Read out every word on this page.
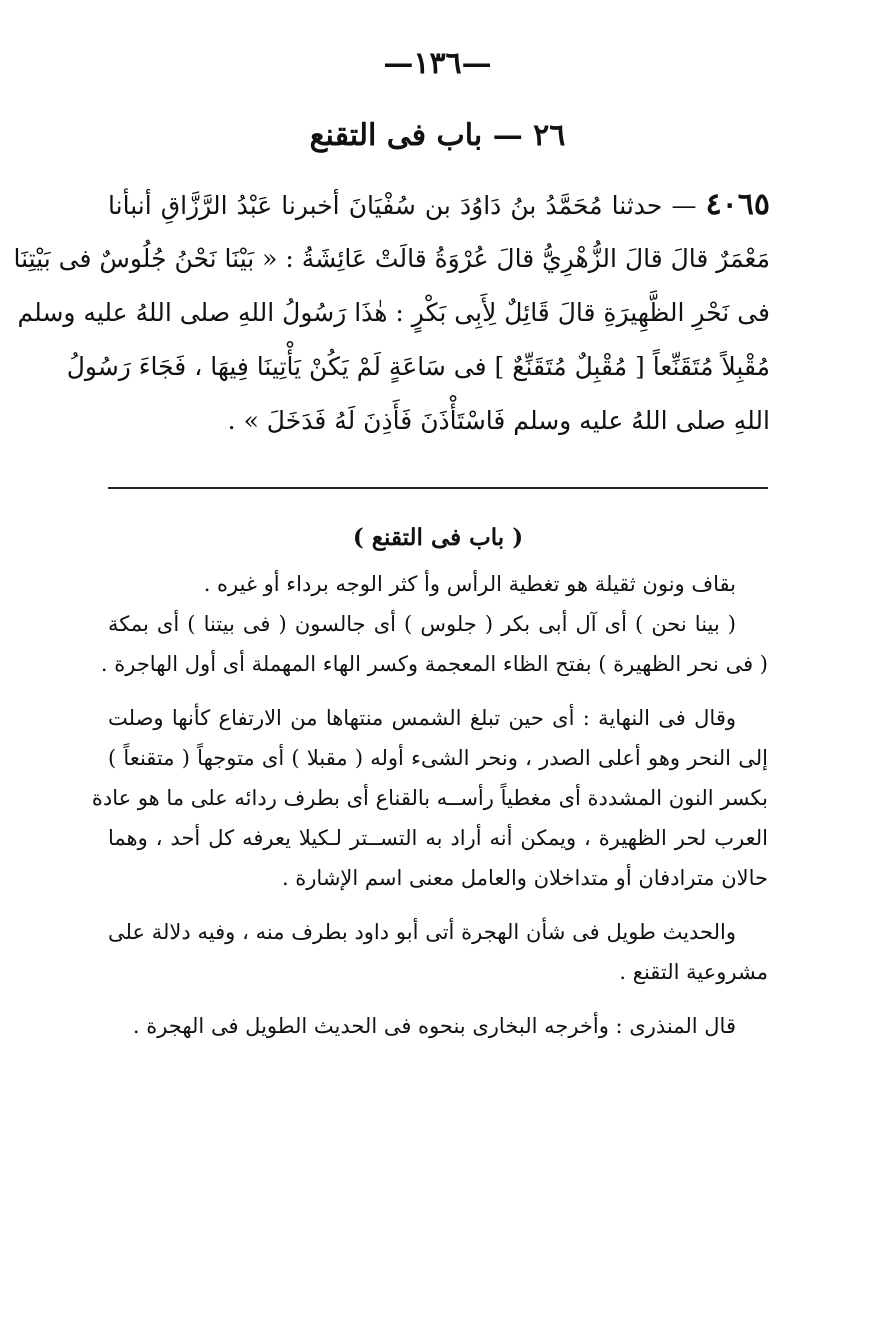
—١٣٦—
٢٦ — باب فى التقنع
٤٠٦٥ — حدثنا مُحَمَّدُ بنُ دَاوُدَ بن سُفْيَانَ أخبرنا عَبْدُ الرَّزَّاقِ أنبأنا
مَعْمَرٌ قالَ قالَ الزُّهْرِيُّ قالَ عُرْوَةُ قالَتْ عَائِشَةُ : « بَيْنَا نَحْنُ جُلُوسٌ فى بَيْتِنَا
فى نَحْرِ الظَّهِيرَةِ قالَ قَائِلٌ لِأَبِى بَكْرٍ : هٰذَا رَسُولُ اللهِ صلى اللهُ عليه وسلم
مُقْبِلاً مُتَقَنِّعاً [ مُقْبِلٌ مُتَقَنِّعٌ ] فى سَاعَةٍ لَمْ يَكُنْ يَأْتِينَا فِيهَا ، فَجَاءَ رَسُولُ
اللهِ صلى اللهُ عليه وسلم فَاسْتَأْذَنَ فَأَذِنَ لَهُ فَدَخَلَ » .
( باب فى التقنع )
بقاف ونون ثقيلة هو تغطية الرأس وأ كثر الوجه برداء أو غيره .
( بينا نحن ) أى آل أبى بكر ( جلوس ) أى جالسون ( فى بيتنا ) أى بمكة
( فى نحر الظهيرة ) بفتح الظاء المعجمة وكسر الهاء المهملة أى أول الهاجرة .
وقال فى النهاية : أى حين تبلغ الشمس منتهاها من الارتفاع كأنها وصلت
إلى النحر وهو أعلى الصدر ، ونحر الشىء أوله ( مقبلا ) أى متوجهاً ( متقنعاً )
بكسر النون المشددة أى مغطياً رأســه بالقناع أى بطرف ردائه على ما هو عادة
العرب لحر الظهيرة ، ويمكن أنه أراد به التســتر لـكيلا يعرفه كل أحد ، وهما
حالان مترادفان أو متداخلان والعامل معنى اسم الإشارة .
والحديث طويل فى شأن الهجرة أتى أبو داود بطرف منه ، وفيه دلالة على
مشروعية التقنع .
قال المنذرى : وأخرجه البخارى بنحوه فى الحديث الطويل فى الهجرة .
